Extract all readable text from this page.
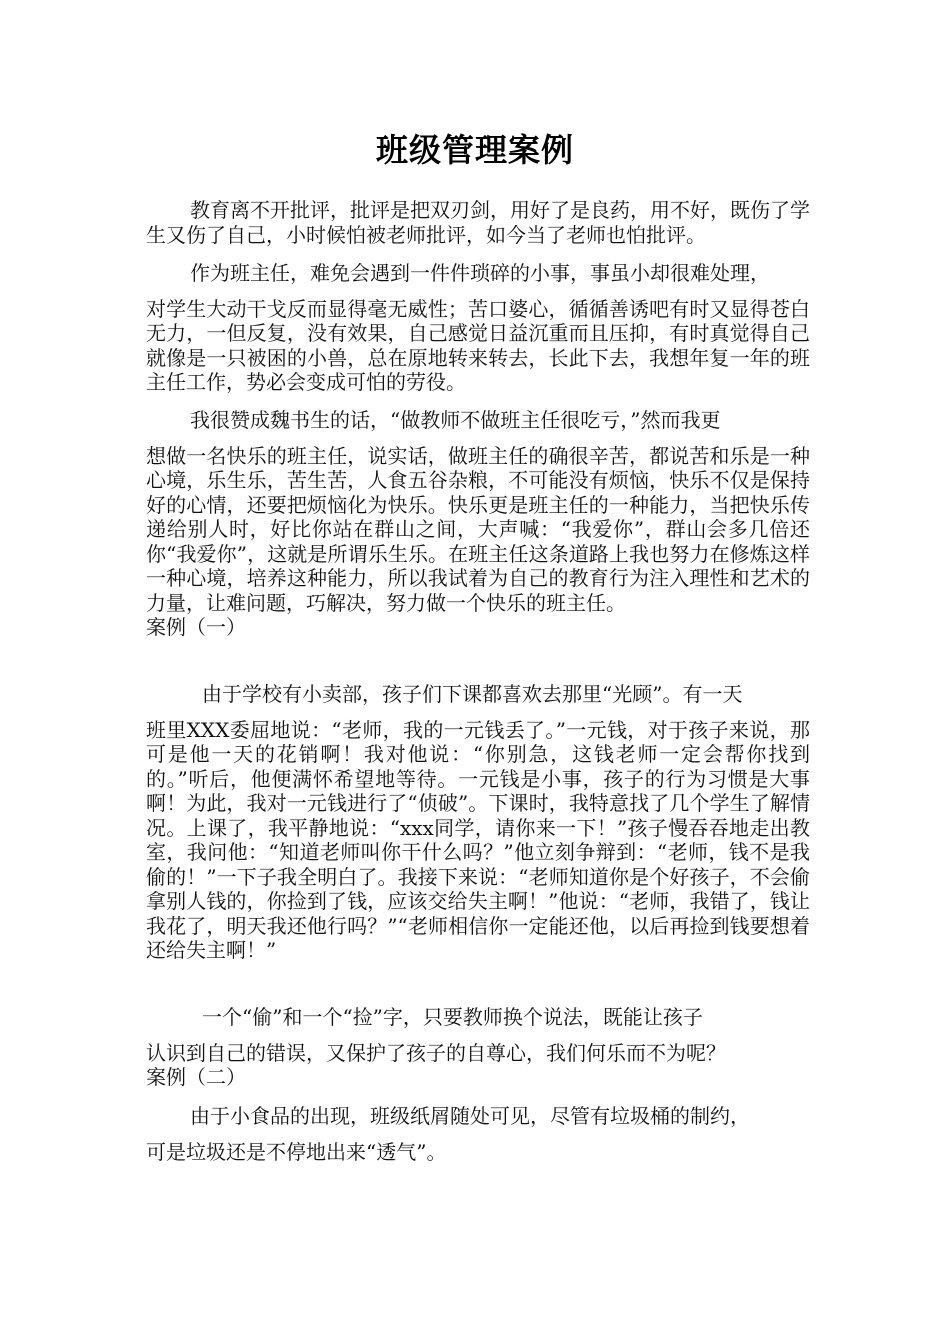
班级管理案例

教育离不开批评，批评是把双刃剑，用好了是良药，用不好，既伤了学生又伤了自己，小时候怕被老师批评，如今当了老师也怕批评。

作为班主任，难免会遇到一件件琐碎的小事，事虽小却很难处理，

对学生大动干戈反而显得毫无威性；苦口婆心，循循善诱吧有时又显得苍白无力，一但反复，没有效果，自己感觉日益沉重而且压抑，有时真觉得自己就像是一只被困的小兽，总在原地转来转去，长此下去，我想年复一年的班主任工作，势必会变成可怕的劳役。

我很赞成魏书生的话，“做教师不做班主任很吃亏，”然而我更

想做一名快乐的班主任，说实话，做班主任的确很辛苦，都说苦和乐是一种心境，乐生乐，苦生苦，人食五谷杂粮，不可能没有烦恼，快乐不仅是保持好的心情，还要把烦恼化为快乐。快乐更是班主任的一种能力，当把快乐传递给别人时，好比你站在群山之间，大声喊：“我爱你”，群山会多几倍还你“我爱你”，这就是所谓乐生乐。在班主任这条道路上我也努力在修炼这样一种心境，培养这种能力，所以我试着为自己的教育行为注入理性和艺术的力量，让难问题，巧解决，努力做一个快乐的班主任。

案例（一）

由于学校有小卖部，孩子们下课都喜欢去那里“光顾”。有一天

班里XXX委屈地说：“老师，我的一元钱丢了。”一元钱，对于孩子来说，那可是他一天的花销啊！我对他说：“你别急，这钱老师一定会帮你找到的。”听后，他便满怀希望地等待。一元钱是小事，孩子的行为习惯是大事啊！为此，我对一元钱进行了“侦破”。下课时，我特意找了几个学生了解情况。上课了，我平静地说：“xxx同学，请你来一下！”孩子慢吞吞地走出教室，我问他：“知道老师叫你干什么吗？”他立刻争辩到：“老师，钱不是我偷的！”一下子我全明白了。我接下来说：“老师知道你是个好孩子，不会偷拿别人钱的，你捡到了钱，应该交给失主啊！”他说：“老师，我错了，钱让我花了，明天我还他行吗？”“老师相信你一定能还他，以后再捡到钱要想着还给失主啊！”

一个“偷”和一个“捡”字，只要教师换个说法，既能让孩子

认识到自己的错误，又保护了孩子的自尊心，我们何乐而不为呢？

案例（二）

由于小食品的出现，班级纸屑随处可见，尽管有垃圾桶的制约，

可是垃圾还是不停地出来“透气”。
